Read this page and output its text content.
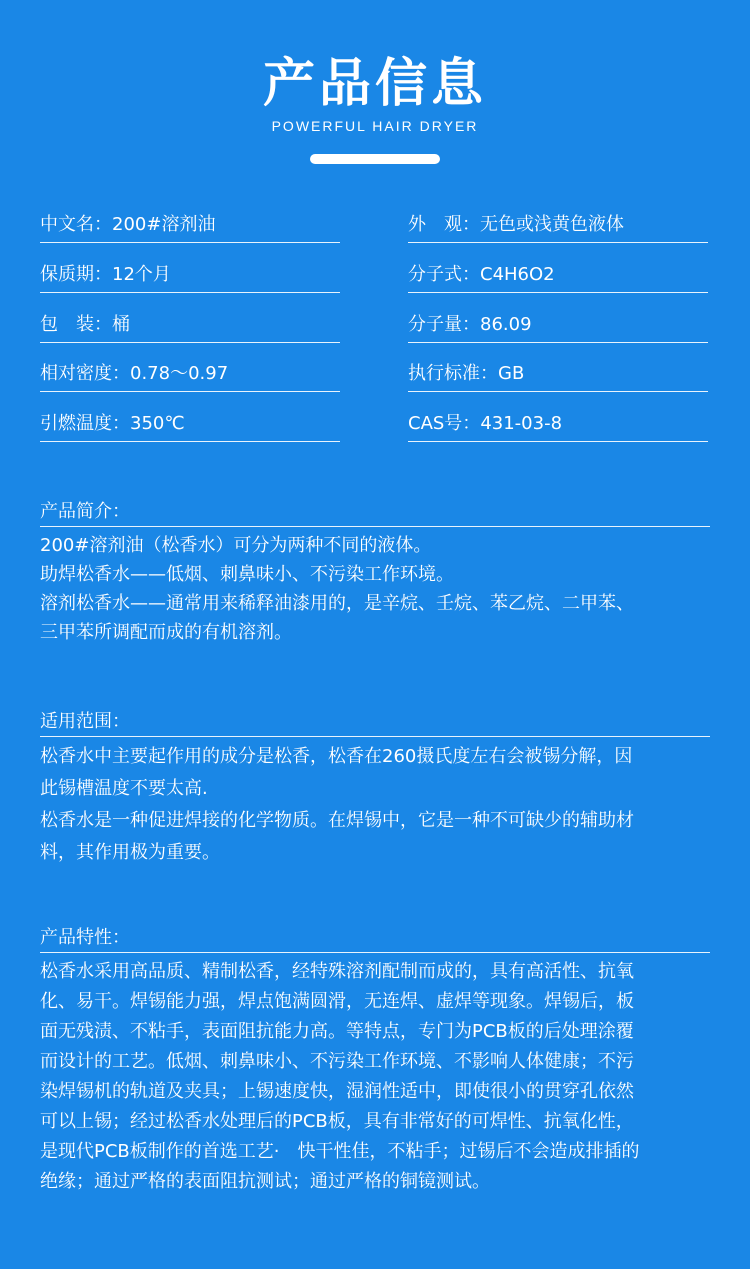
产品信息
POWERFUL HAIR DRYER
中文名：200#溶剂油
保质期：12个月
包　装：桶
相对密度：0.78～0.97
引燃温度：350℃
外　观：无色或浅黄色液体
分子式：C4H6O2
分子量：86.09
执行标准：GB
CAS号：431-03-8
产品简介：

200#溶剂油（松香水）可分为两种不同的液体。

助焊松香水——低烟、刺鼻味小、不污染工作环境。

溶剂松香水——通常用来稀释油漆用的，是辛烷、壬烷、苯乙烷、二甲苯、

三甲苯所调配而成的有机溶剂。

适用范围：

松香水中主要起作用的成分是松香，松香在260摄氏度左右会被锡分解，因

此锡槽温度不要太高.

松香水是一种促进焊接的化学物质。在焊锡中，它是一种不可缺少的辅助材

料，其作用极为重要。

产品特性：

松香水采用高品质、精制松香，经特殊溶剂配制而成的，具有高活性、抗氧

化、易干。焊锡能力强，焊点饱满圆滑，无连焊、虚焊等现象。焊锡后，板

面无残渍、不粘手，表面阻抗能力高。等特点，专门为PCB板的后处理涂覆

而设计的工艺。低烟、刺鼻味小、不污染工作环境、不影响人体健康；不污

染焊锡机的轨道及夹具；上锡速度快，湿润性适中，即使很小的贯穿孔依然

可以上锡；经过松香水处理后的PCB板，具有非常好的可焊性、抗氧化性，

是现代PCB板制作的首选工艺·　快干性佳，不粘手；过锡后不会造成排插的

绝缘；通过严格的表面阻抗测试；通过严格的铜镜测试。
